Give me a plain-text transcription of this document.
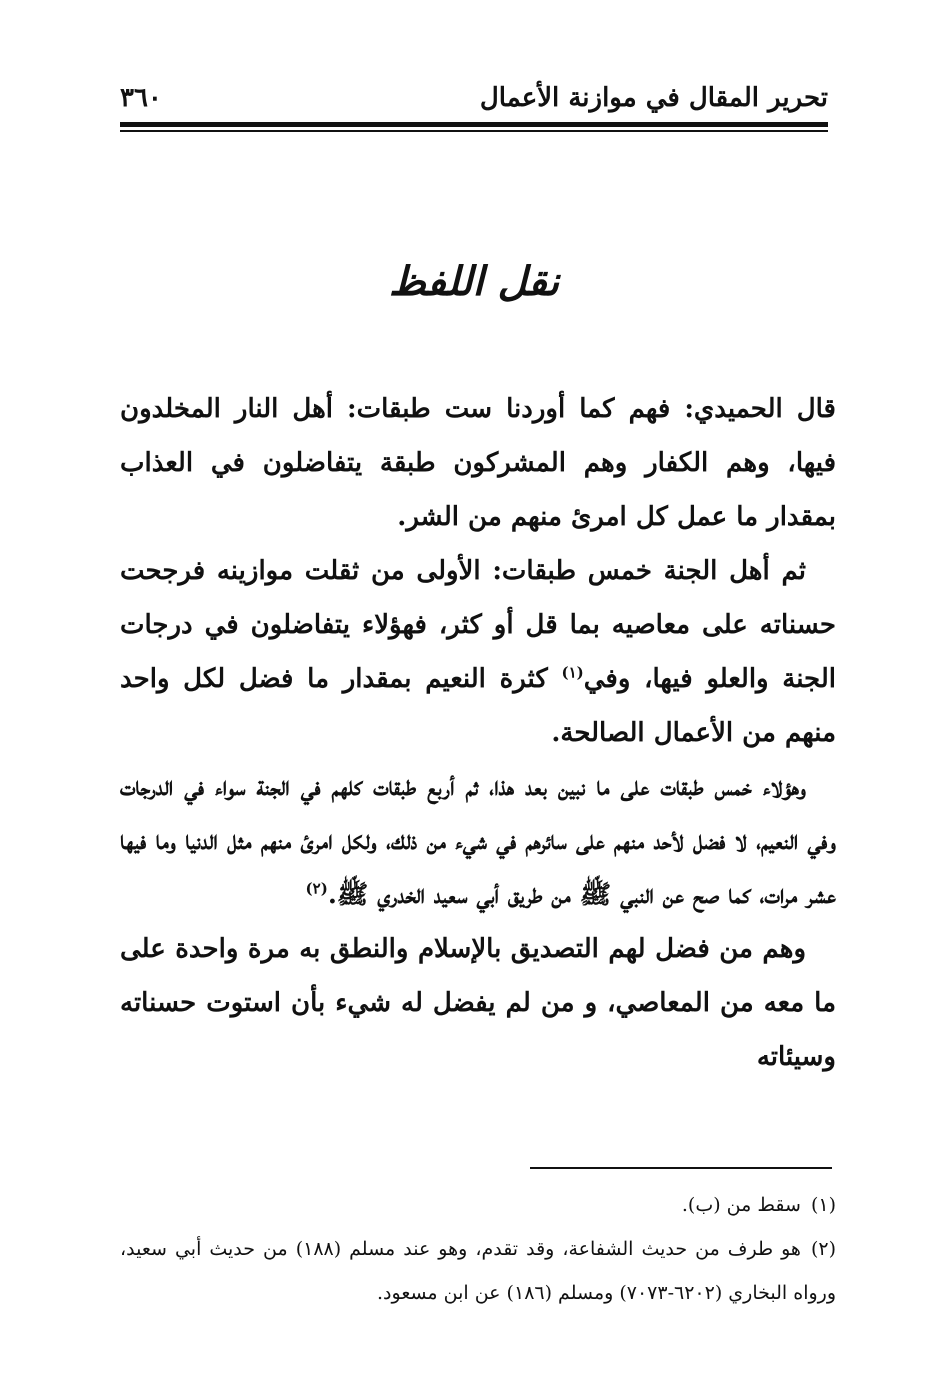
تحرير المقال في موازنة الأعمال
٣٦٠
نقل اللفظ

قال الحميدي: فهم كما أوردنا ست طبقات: أهل النار المخلدون فيها، وهم الكفار وهم المشركون طبقة يتفاضلون في العذاب بمقدار ما عمل كل امرئ منهم من الشر.

ثم أهل الجنة خمس طبقات: الأولى من ثقلت موازينه فرجحت حسناته على معاصيه بما قل أو كثر، فهؤلاء يتفاضلون في درجات الجنة والعلو فيها، وفي$^{(١)}$ كثرة النعيم بمقدار ما فضل لكل واحد منهم من الأعمال الصالحة.

وهؤلاء خمس طبقات على ما نبين بعد هذا، ثم أربع طبقات كلهم في الجنة سواء في الدرجات وفي النعيم، لا فضل لأحد منهم على سائرهم في شيء من ذلك، ولكل امرئ منهم مثل الدنيا وما فيها عشر مرات، كما صح عن النبي ﷺ من طريق أبي سعيد الخدري ﷺ.$^{(٢)}$

وهم من فضل لهم التصديق بالإسلام والنطق به مرة واحدة على ما معه من المعاصي، و من لم يفضل له شيء بأن استوت حسناته وسيئاته

(١)سقط من (ب).

(٢)هو طرف من حديث الشفاعة، وقد تقدم، وهو عند مسلم (١٨٨) من حديث أبي سعيد، ورواه البخاري (٦٢٠٢-٧٠٧٣) ومسلم (١٨٦) عن ابن مسعود.
